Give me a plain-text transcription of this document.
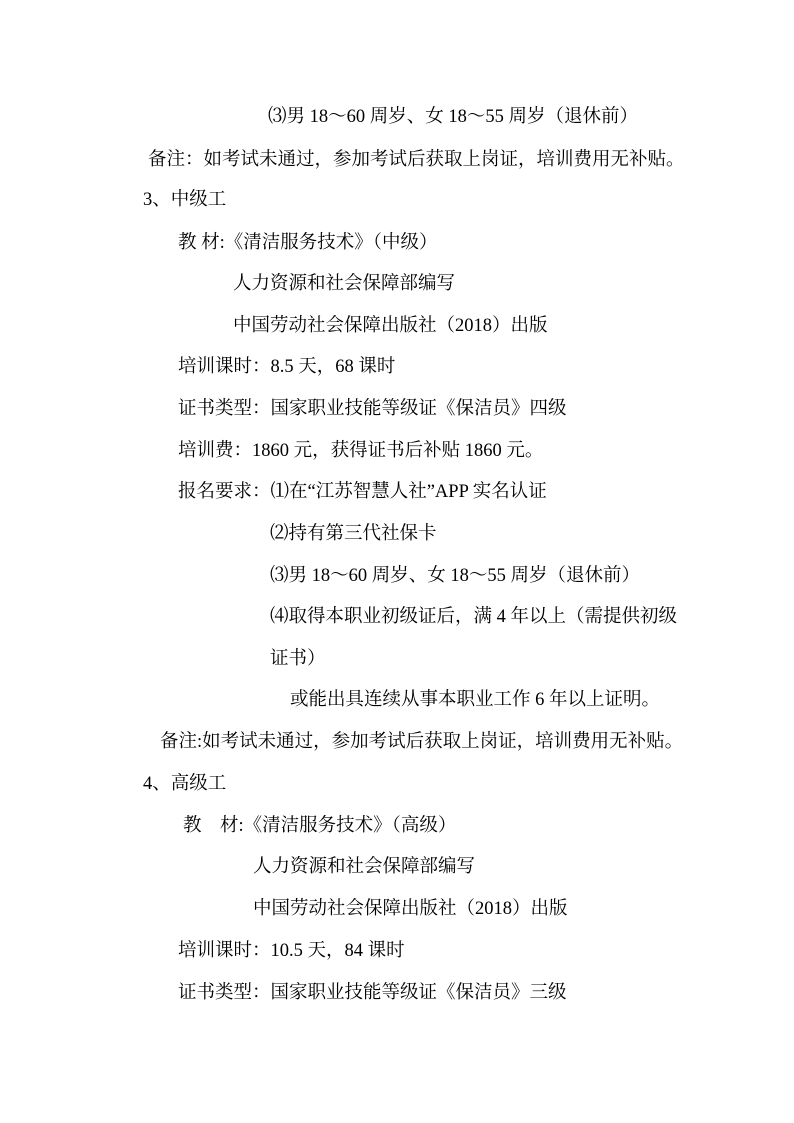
⑶男 18～60 周岁、女 18～55 周岁（退休前）
备注：如考试未通过，参加考试后获取上岗证，培训费用无补贴。
3、中级工
教 材:《清洁服务技术》（中级）
人力资源和社会保障部编写
中国劳动社会保障出版社（2018）出版
培训课时：8.5 天，68 课时
证书类型：国家职业技能等级证《保洁员》四级
培训费：1860 元，获得证书后补贴 1860 元。
报名要求：⑴在“江苏智慧人社”APP 实名认证
⑵持有第三代社保卡
⑶男 18～60 周岁、女 18～55 周岁（退休前）
⑷取得本职业初级证后，满 4 年以上（需提供初级
证书）
或能出具连续从事本职业工作 6 年以上证明。
备注:如考试未通过，参加考试后获取上岗证，培训费用无补贴。
4、高级工
教　材:《清洁服务技术》（高级）
人力资源和社会保障部编写
中国劳动社会保障出版社（2018）出版
培训课时：10.5 天，84 课时
证书类型：国家职业技能等级证《保洁员》三级
